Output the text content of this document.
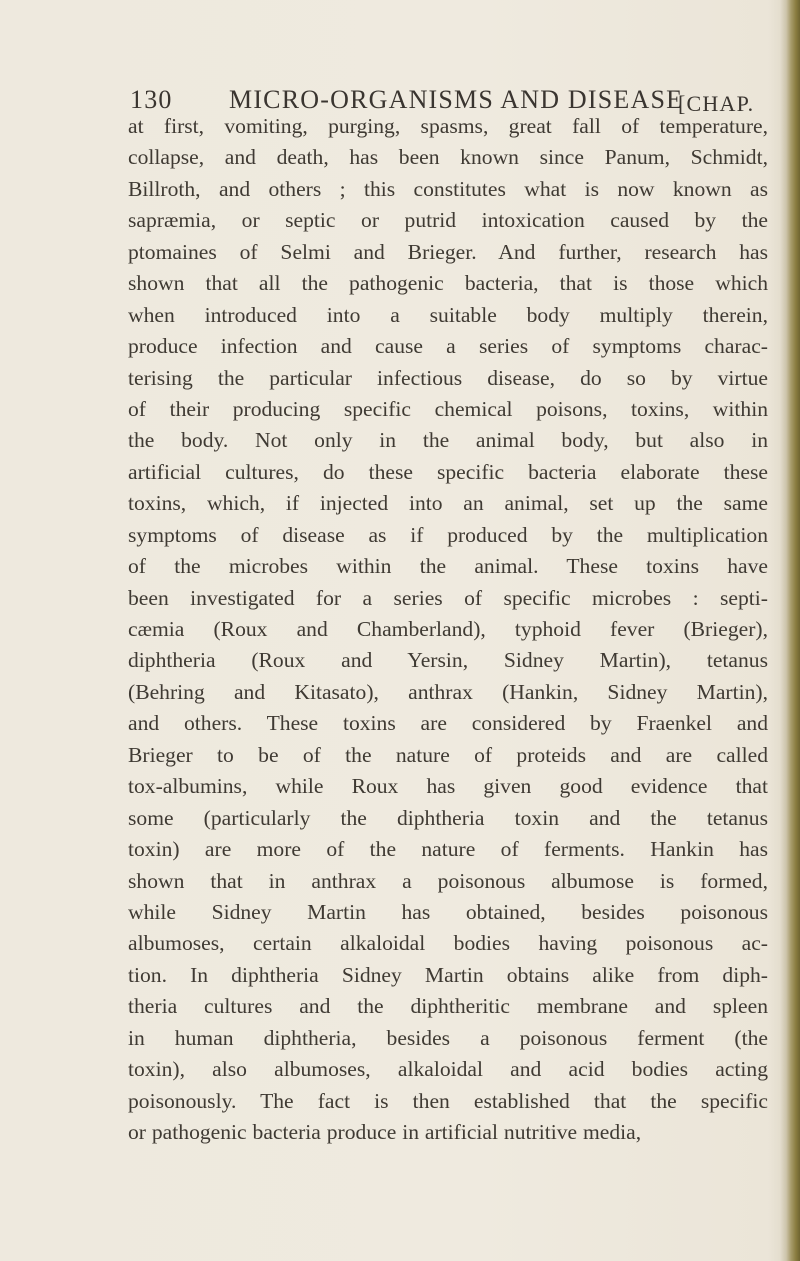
130 MICRO-ORGANISMS AND DISEASE
[CHAP.
at first, vomiting, purging, spasms, great fall of temperature,
collapse, and death, has been known since Panum, Schmidt,
Billroth, and others ; this constitutes what is now known as
sapræmia, or septic or putrid intoxication caused by the
ptomaines of Selmi and Brieger. And further, research has
shown that all the pathogenic bacteria, that is those which
when introduced into a suitable body multiply therein,
produce infection and cause a series of symptoms charac-
terising the particular infectious disease, do so by virtue
of their producing specific chemical poisons, toxins, within
the body. Not only in the animal body, but also in
artificial cultures, do these specific bacteria elaborate these
toxins, which, if injected into an animal, set up the same
symptoms of disease as if produced by the multiplication
of the microbes within the animal. These toxins have
been investigated for a series of specific microbes : septi-
cæmia (Roux and Chamberland), typhoid fever (Brieger),
diphtheria (Roux and Yersin, Sidney Martin), tetanus
(Behring and Kitasato), anthrax (Hankin, Sidney Martin),
and others. These toxins are considered by Fraenkel and
Brieger to be of the nature of proteids and are called
tox-albumins, while Roux has given good evidence that
some (particularly the diphtheria toxin and the tetanus
toxin) are more of the nature of ferments. Hankin has
shown that in anthrax a poisonous albumose is formed,
while Sidney Martin has obtained, besides poisonous
albumoses, certain alkaloidal bodies having poisonous ac-
tion. In diphtheria Sidney Martin obtains alike from diph-
theria cultures and the diphtheritic membrane and spleen
in human diphtheria, besides a poisonous ferment (the
toxin), also albumoses, alkaloidal and acid bodies acting
poisonously. The fact is then established that the specific
or pathogenic bacteria produce in artificial nutritive media,
